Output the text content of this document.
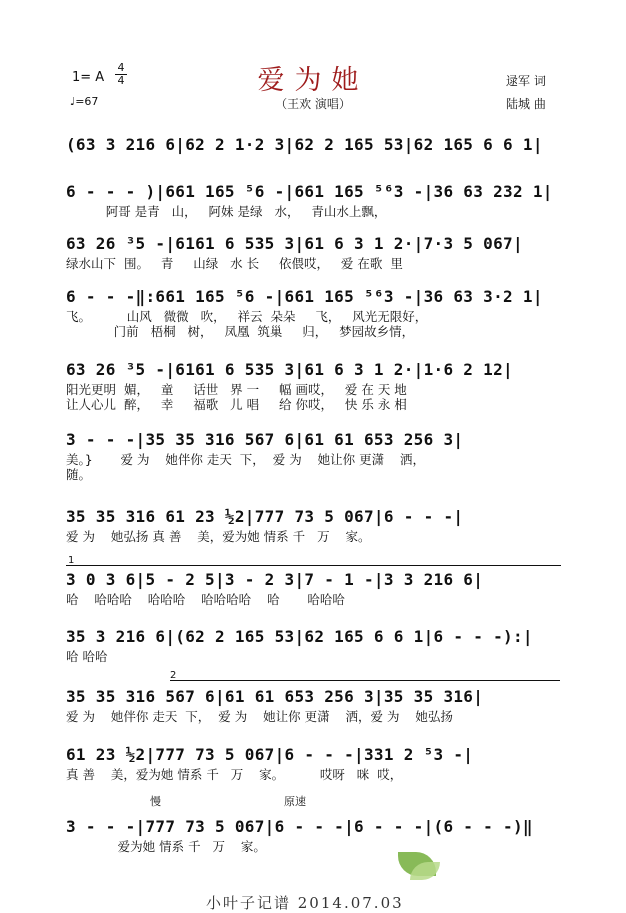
爱为她
（王欢 演唱）
1= A
4
4
♩=67
逯军 词
陆城 曲
(63 3 216 6|62 2 1·2 3|62 2 165 53|62 165 6 6 1|
6 - - - )|661 165 ⁵6 -|661 165 ⁵⁶3 -|36 63 232 1|
阿哥 是青   山，   阿妹 是绿   水，   青山水上飘，
63 26 ³5 -|6161 6 535 3|61 6 3 1 2·|7·3 5 067|
绿水山下  围。   青     山绿   水 长     依偎哎，   爱 在歌  里
6 - - -‖:661 165 ⁵6 -|661 165 ⁵⁶3 -|36 63 3·2 1|
飞。         山风   微微   吹，   祥云  朵朵     飞，   风光无限好，
门前   梧桐   树，   凤凰  筑巢     归，   梦园故乡情，
63 26 ³5 -|6161 6 535 3|61 6 3 1 2·|1·6 2 12|
阳光更明  媚，   童     话世   界 一     幅 画哎，   爱 在 天 地
让人心儿  醉，   幸     福歌   儿 唱     给 你哎，   快 乐 永 相
3 - - -|35 35 316 567 6|61 61 653 256 3|
美。}       爱 为    她伴你 走天  下，  爱 为    她让你 更潇    洒，
随。
35 35 316 61 23 ½2|777 73 5 067|6 - - -|
爱 为    她弘扬 真 善    美，爱为她 情系 千   万    家。
3 0 3 6|5 - 2 5|3 - 2 3|7 - 1 -|3 3 216 6|
哈    哈哈哈    哈哈哈    哈哈哈哈    哈       哈哈哈
35 3 216 6|(62 2 165 53|62 165 6 6 1|6 - - -):|
哈 哈哈
35 35 316 567 6|61 61 653 256 3|35 35 316|
爱 为    她伴你 走天  下，  爱 为    她让你 更潇    洒，爱 为    她弘扬
61 23 ½2|777 73 5 067|6 - - -|331 2 ⁵3 -|
真 善    美，爱为她 情系 千   万    家。         哎呀   咪  哎，
3 - - -|777 73 5 067|6 - - -|6 - - -|(6 - - -)‖
爱为她 情系 千   万    家。
1
2
慢	原速
小叶子记谱 2014.07.03
